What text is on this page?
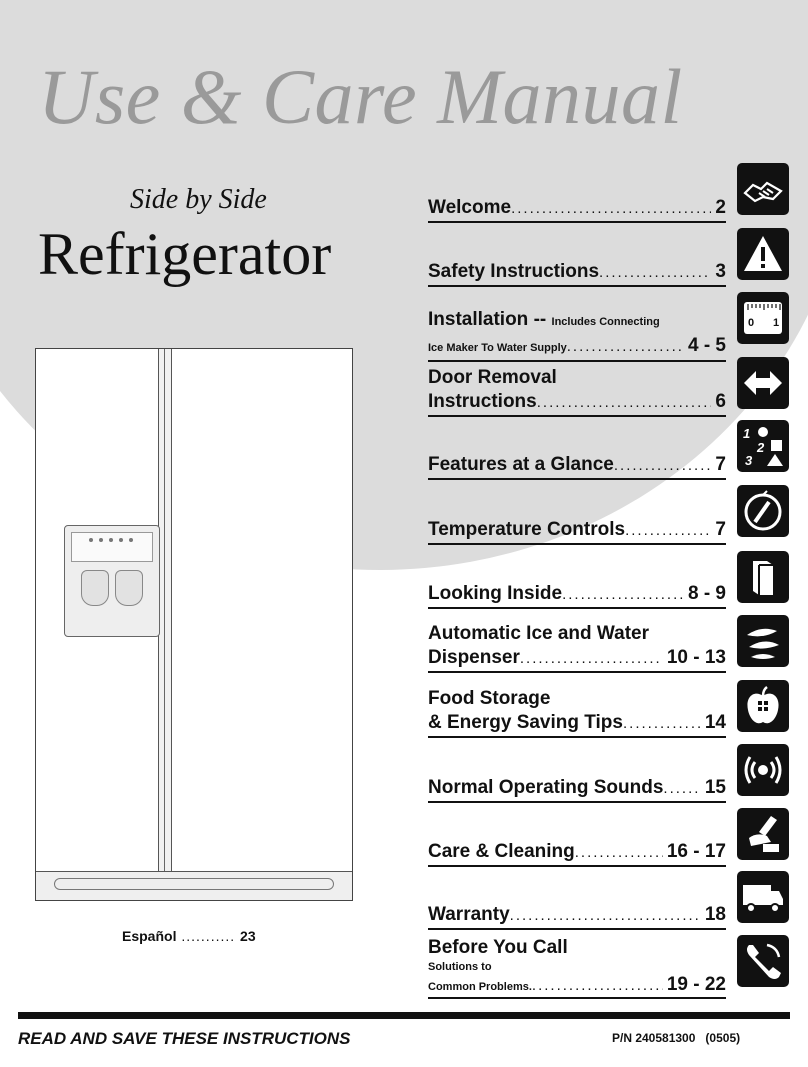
Use & Care Manual
Side by Side
Refrigerator
Español ........... 23
Welcome .....	2
Safety Instructions .....	3
Installation -- Includes Connecting
Ice Maker To Water Supply .....	4 - 5
0 1
Door Removal
Instructions .....	6
Features at a Glance .....	7
1
2
3
Temperature Controls .....	7
Looking Inside .....	8 - 9
Automatic Ice and Water
Dispenser .....	10 - 13
Food Storage
& Energy Saving Tips .....	14
Normal Operating Sounds ..... 15
Care & Cleaning .....	16 - 17
Warranty .....	18
Before You Call
Solutions to
Common Problems. .....	19 - 22
READ AND SAVE THESE INSTRUCTIONS	P/N 240581300 (0505)
